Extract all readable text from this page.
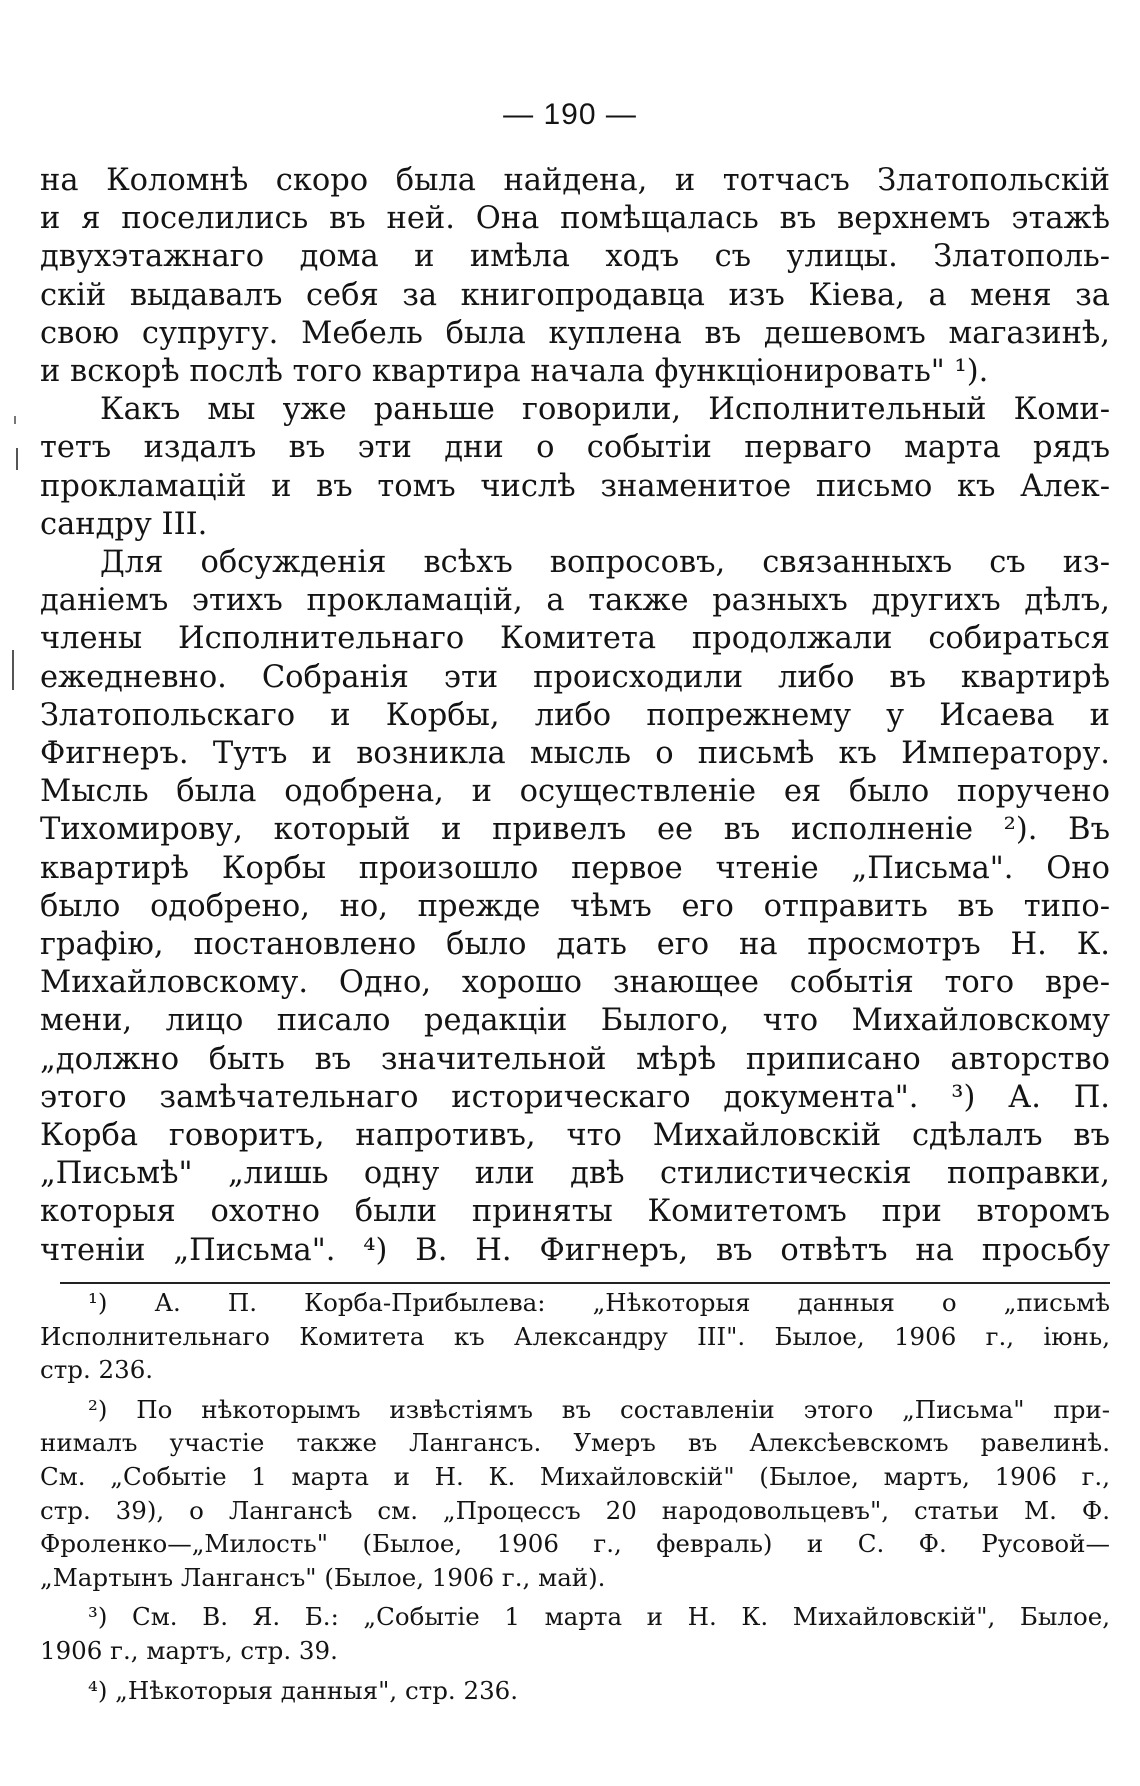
— 190 —

на Коломнѣ скоро была найдена, и тотчасъ Златопольскій
и я поселились въ ней. Она помѣщалась въ верхнемъ этажѣ
двухэтажнаго дома и имѣла ходъ съ улицы. Златополь-
скій выдавалъ себя за книгопродавца изъ Кіева, а меня за
свою супругу. Мебель была куплена въ дешевомъ магазинѣ,
и вскорѣ послѣ того квартира начала функціонировать" ¹).

Какъ мы уже раньше говорили, Исполнительный Коми-
тетъ издалъ въ эти дни о событіи перваго марта рядъ
прокламацій и въ томъ числѣ знаменитое письмо къ Алек-
сандру III.

Для обсужденія всѣхъ вопросовъ, связанныхъ съ из-
даніемъ этихъ прокламацій, а также разныхъ другихъ дѣлъ,
члены Исполнительнаго Комитета продолжали собираться
ежедневно. Собранія эти происходили либо въ квартирѣ
Златопольскаго и Корбы, либо попрежнему у Исаева и
Фигнеръ. Тутъ и возникла мысль о письмѣ къ Императору.
Мысль была одобрена, и осуществленіе ея было поручено
Тихомирову, который и привелъ ее въ исполненіе ²). Въ
квартирѣ Корбы произошло первое чтеніе „Письма". Оно
было одобрено, но, прежде чѣмъ его отправить въ типо-
графію, постановлено было дать его на просмотръ Н. К.
Михайловскому. Одно, хорошо знающее событія того вре-
мени, лицо писало редакціи Былого, что Михайловскому
„должно быть въ значительной мѣрѣ приписано авторство
этого замѣчательнаго историческаго документа". ³) А. П.
Корба говоритъ, напротивъ, что Михайловскій сдѣлалъ въ
„Письмѣ" „лишь одну или двѣ стилистическія поправки,
которыя охотно были приняты Комитетомъ при второмъ
чтеніи „Письма". ⁴) В. Н. Фигнеръ, въ отвѣтъ на просьбу

¹) А. П. Корба-Прибылева: „Нѣкоторыя данныя о „письмѣ
Исполнительнаго Комитета къ Александру III". Былое, 1906 г., іюнь,
стр. 236.

²) По нѣкоторымъ извѣстіямъ въ составленіи этого „Письма" при-
нималъ участіе также Лангансъ. Умеръ въ Алексѣевскомъ равелинѣ.
См. „Событіе 1 марта и Н. К. Михайловскій" (Былое, мартъ, 1906 г.,
стр. 39), о Лангансѣ см. „Процессъ 20 народовольцевъ", статьи М. Ф.
Фроленко—„Милость" (Былое, 1906 г., февраль) и С. Ф. Русовой—
„Мартынъ Лангансъ" (Былое, 1906 г., май).

³) См. В. Я. Б.: „Событіе 1 марта и Н. К. Михайловскій", Былое,
1906 г., мартъ, стр. 39.

⁴) „Нѣкоторыя данныя", стр. 236.
